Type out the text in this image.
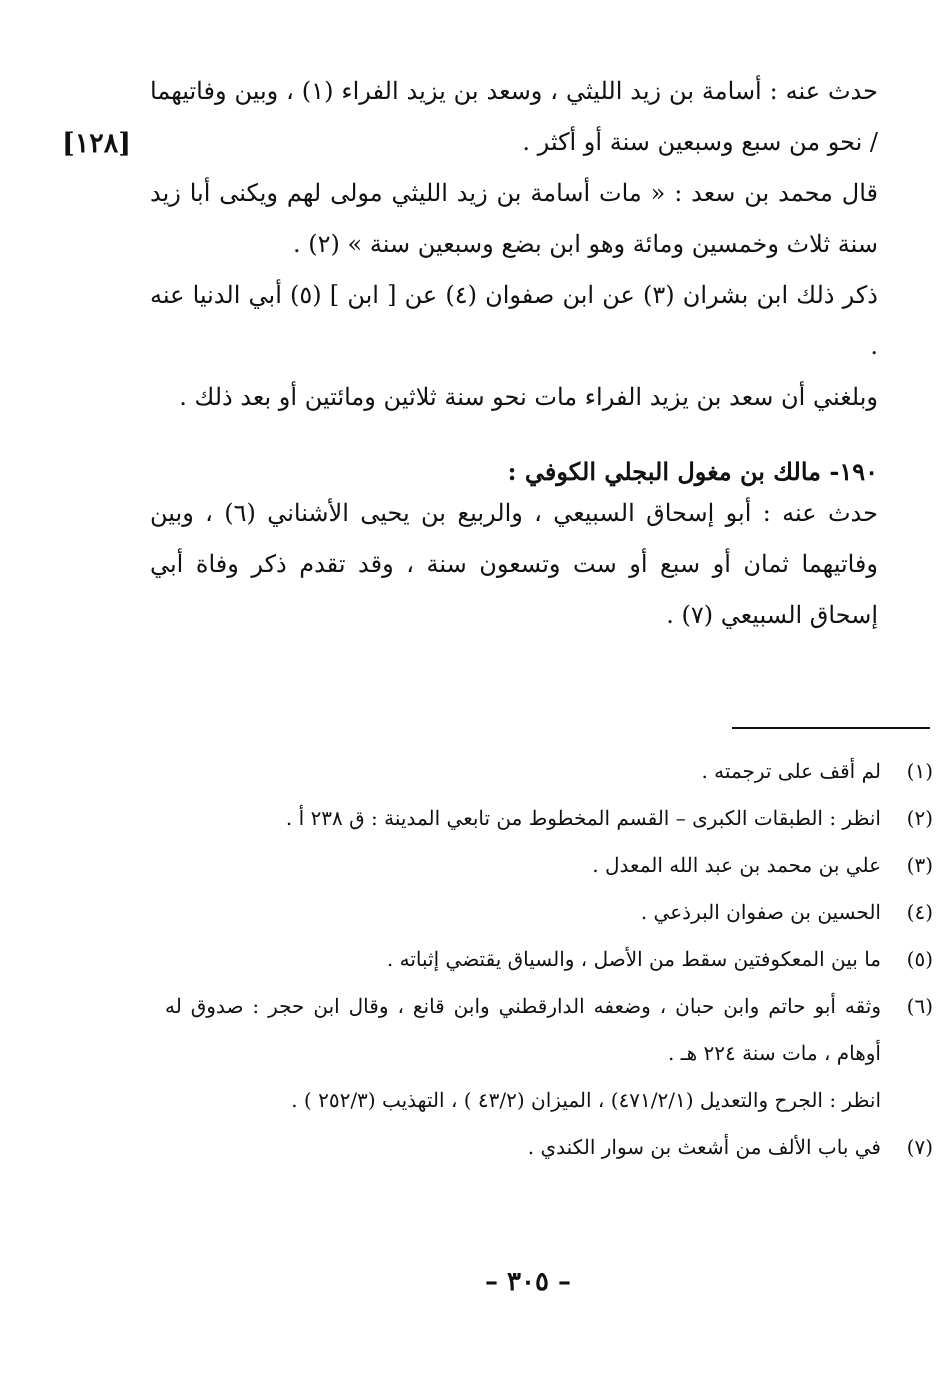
[١٢٨]

حدث عنه : أسامة بن زيد الليثي ، وسعد بن يزيد الفراء (١) ، وبين وفاتيهما / نحو من سبع وسبعين سنة أو أكثر .

قال محمد بن سعد : « مات أسامة بن زيد الليثي مولى لهم ويكنى أبا زيد سنة ثلاث وخمسين ومائة وهو ابن بضع وسبعين سنة » (٢) .

ذكر ذلك ابن بشران (٣) عن ابن صفوان (٤) عن [ ابن ] (٥) أبي الدنيا عنه .

وبلغني أن سعد بن يزيد الفراء مات نحو سنة ثلاثين ومائتين أو بعد ذلك .

١٩٠- مالك بن مغول البجلي الكوفي :

حدث عنه : أبو إسحاق السبيعي ، والربيع بن يحيى الأشناني (٦) ، وبين وفاتيهما ثمان أو سبع أو ست وتسعون سنة ، وقد تقدم ذكر وفاة أبي إسحاق السبيعي (٧) .

(١)
لم أقف على ترجمته .
(٢)
انظر : الطبقات الكبرى – القسم المخطوط من تابعي المدينة : ق ٢٣٨ أ .
(٣)
علي بن محمد بن عبد الله المعدل .
(٤)
الحسين بن صفوان البرذعي .
(٥)
ما بين المعكوفتين سقط من الأصل ، والسياق يقتضي إثباته .
(٦)
وثقه أبو حاتم وابن حبان ، وضعفه الدارقطني وابن قانع ، وقال ابن حجر : صدوق له أوهام ، مات سنة ٢٢٤ هـ .
انظر : الجرح والتعديل (٤٧١/٢/١) ، الميزان (٤٣/٢ ) ، التهذيب (٢٥٢/٣ ) .
(٧)
في باب الألف من أشعث بن سوار الكندي .
– ٣٠٥ –
